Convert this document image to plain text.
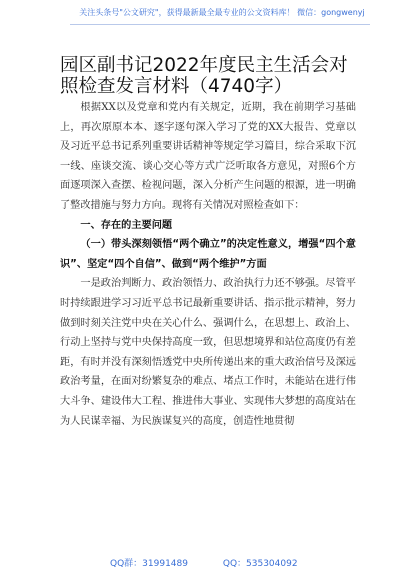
关注头条号"公文研究"，获得最新最全最专业的公文资料库！ 微信：gongwenyj
园区副书记2022年度民主生活会对照检查发言材料（4740字）

根据XX以及党章和党内有关规定，近期，我在前期学习基础上，再次原原本本、逐字逐句深入学习了党的XX大报告、党章以及习近平总书记系列重要讲话精神等规定学习篇目，综合采取下沉一线、座谈交流、谈心交心等方式广泛听取各方意见，对照6个方面逐项深入查摆、检视问题，深入分析产生问题的根源，进一明确了整改措施与努力方向。现将有关情况对照检查如下：

一、存在的主要问题

（一）带头深刻领悟“两个确立”的决定性意义，增强“四个意识”、坚定“四个自信”、做到“两个维护”方面

一是政治判断力、政治领悟力、政治执行力还不够强。尽管平时持续跟进学习习近平总书记最新重要讲话、指示批示精神，努力做到时刻关注党中央在关心什么、强调什么，在思想上、政治上、行动上坚持与党中央保持高度一致，但思想境界和站位高度仍有差距，有时并没有深刻悟透党中央所传递出来的重大政治信号及深远政治考量，在面对纷繁复杂的难点、堵点工作时，未能站在进行伟大斗争、建设伟大工程、推进伟大事业、实现伟大梦想的高度站在为人民谋幸福、为民族谋复兴的高度，创造性地贯彻

QQ群：31991489	QQ：535304092
